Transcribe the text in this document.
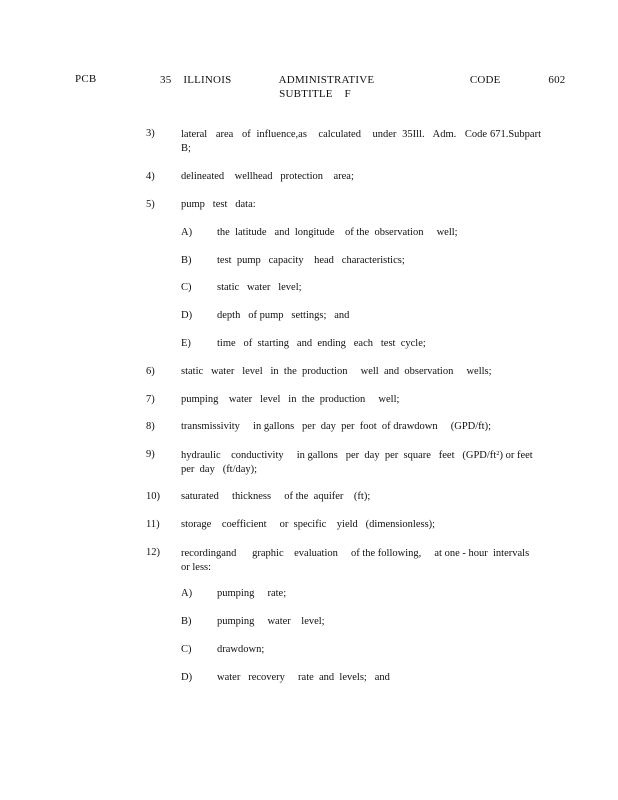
PCB	35 ILLINOIS    ADMINISTRATIVE        CODE    602
SUBTITLE    F
3)	lateral   area   of  influence,as    calculated    under  35Ill.   Adm.   Code 671.Subpart     B;
4)	delineated    wellhead   protection    area;
5)	pump   test   data:
A) the  latitude   and  longitude    of the  observation     well;
B) test  pump   capacity    head   characteristics;
C) static   water   level;
D) depth   of pump   settings;   and
E) time   of  starting   and  ending   each   test  cycle;
6)	static   water   level   in  the  production     well  and  observation     wells;
7)	pumping    water   level   in  the  production     well;
8)	transmissivity     in gallons   per  day  per  foot  of drawdown     (GPD/ft);
9)	hydraulic    conductivity     in gallons   per  day  per  square   feet   $(GPD/ft^2)$ or feet per  day   (ft/day);
10) saturated     thickness     of the  aquifer    (ft);
11) storage    coefficient     or  specific    yield   (dimensionless);
12) recordingand      graphic    evaluation     of the following,     at one - hour  intervals    or less:
A) pumping     rate;
B) pumping     water    level;
C) drawdown;
D) water   recovery     rate  and  levels;   and
